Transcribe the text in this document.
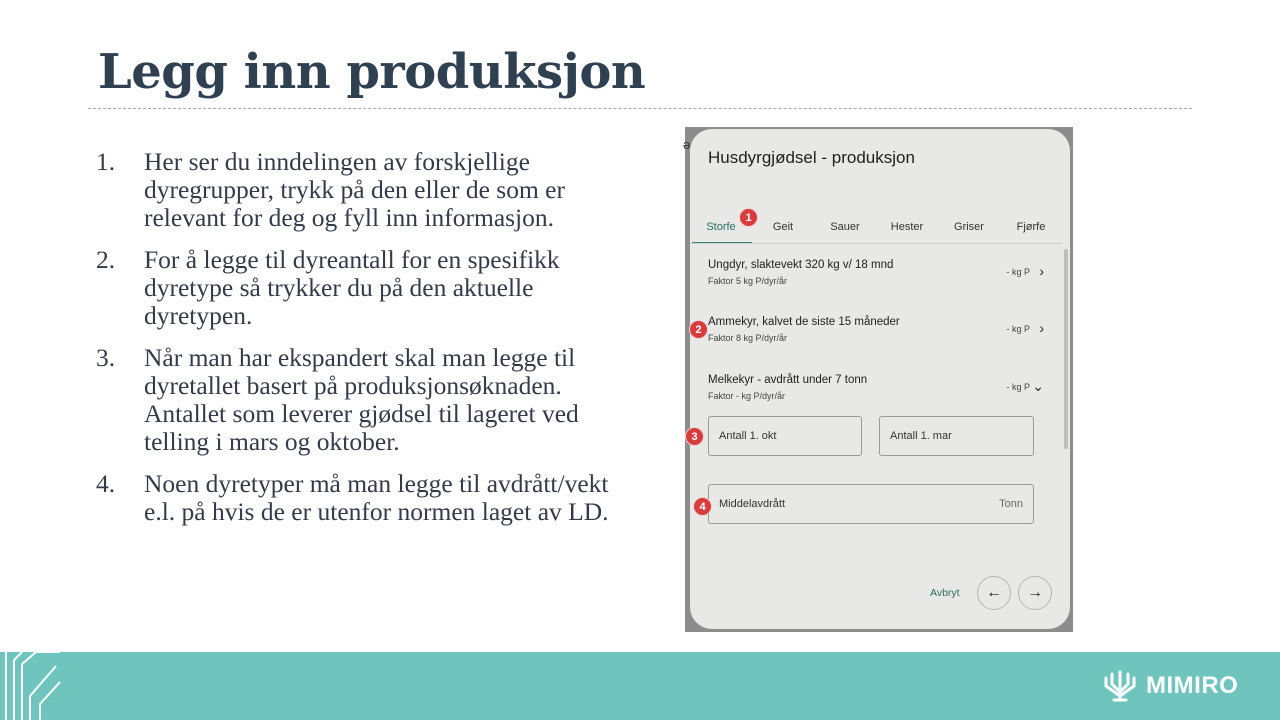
Legg inn produksjon
1.	Her ser du inndelingen av forskjellige dyregrupper, trykk på den eller de som er relevant for deg og fyll inn informasjon.
2.	For å legge til dyreantall for en spesifikk dyretype så trykker du på den aktuelle dyretypen.
3.	Når man har ekspandert skal man legge til dyretallet basert på produksjonsøknaden. Antallet som leverer gjødsel til lageret ved telling i mars og oktober.
4.	Noen dyretyper må man legge til avdrått/vekt e.l. på hvis de er utenfor normen laget av LD.
Husdyrgjødsel - produksjon
Storfe	Geit	Sauer	Hester	Griser	Fjørfe
Ungdyr, slaktevekt 320 kg v/ 18 mnd
Faktor 5 kg P/dyr/år
- kg P ›
Ammekyr, kalvet de siste 15 måneder
Faktor 8 kg P/dyr/år
- kg P ›
Melkekyr - avdrått under 7 tonn
Faktor - kg P/dyr/år
- kg P ⌄
Antall 1. okt	Antall 1. mar
Middelavdrått	Tonn
Avbryt	←	→
ə
1
2
3
4
MIMIRO
